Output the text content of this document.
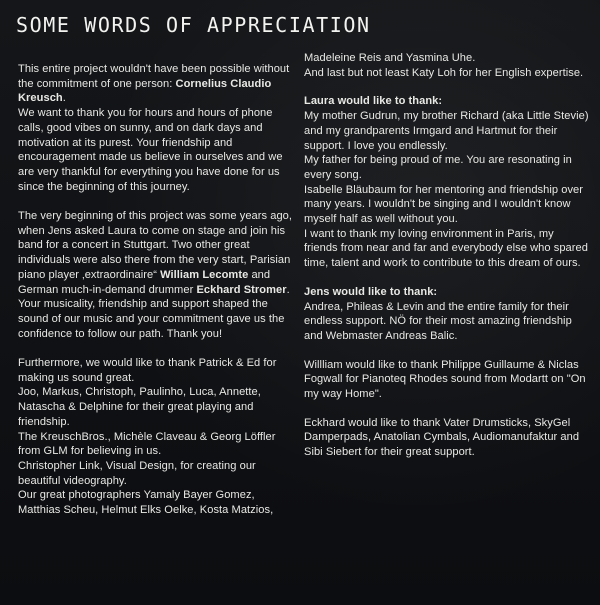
SOME WORDS OF APPRECIATION

This entire project wouldn't have been possible without the commitment of one person: Cornelius Claudio Kreusch.

We want to thank you for hours and hours of phone calls, good vibes on sunny, and on dark days and motivation at its purest. Your friendship and encouragement made us believe in ourselves and we are very thankful for everything you have done for us since the beginning of this journey.

The very beginning of this project was some years ago, when Jens asked Laura to come on stage and join his band for a concert in Stuttgart. Two other great individuals were also there from the very start, Parisian piano player ‚extraordinaire“ William Lecomte and German much-in-demand drummer Eckhard Stromer. Your musicality, friendship and support shaped the sound of our music and your commitment gave us the confidence to follow our path. Thank you!

Furthermore, we would like to thank Patrick & Ed for making us sound great.
Joo, Markus, Christoph, Paulinho, Luca, Annette, Natascha & Delphine for their great playing and friendship.
The KreuschBros., Michèle Claveau & Georg Löffler from GLM for believing in us.
Christopher Link, Visual Design, for creating our beautiful videography.
Our great photographers Yamaly Bayer Gomez, Matthias Scheu, Helmut Elks Oelke, Kosta Matzios,
Madeleine Reis and Yasmina Uhe.
And last but not least Katy Loh for her English expertise.
Laura would like to thank:
My mother Gudrun, my brother Richard (aka Little Stevie) and my grandparents Irmgard and Hartmut for their support. I love you endlessly.
My father for being proud of me. You are resonating in every song.
Isabelle Bläubaum for her mentoring and friendship over many years. I wouldn't be singing and I wouldn't know myself half as well without you.
I want to thank my loving environment in Paris, my friends from near and far and everybody else who spared time, talent and work to contribute to this dream of ours.
Jens would like to thank:
Andrea, Phileas & Levin and the entire family for their endless support. NÖ for their most amazing friendship and Webmaster Andreas Balic.
Willliam would like to thank Philippe Guillaume & Niclas Fogwall for Pianoteq Rhodes sound from Modartt on "On my way Home".
Eckhard would like to thank Vater Drumsticks, SkyGel Damperpads, Anatolian Cymbals, Audiomanufaktur and Sibi Siebert for their great support.
